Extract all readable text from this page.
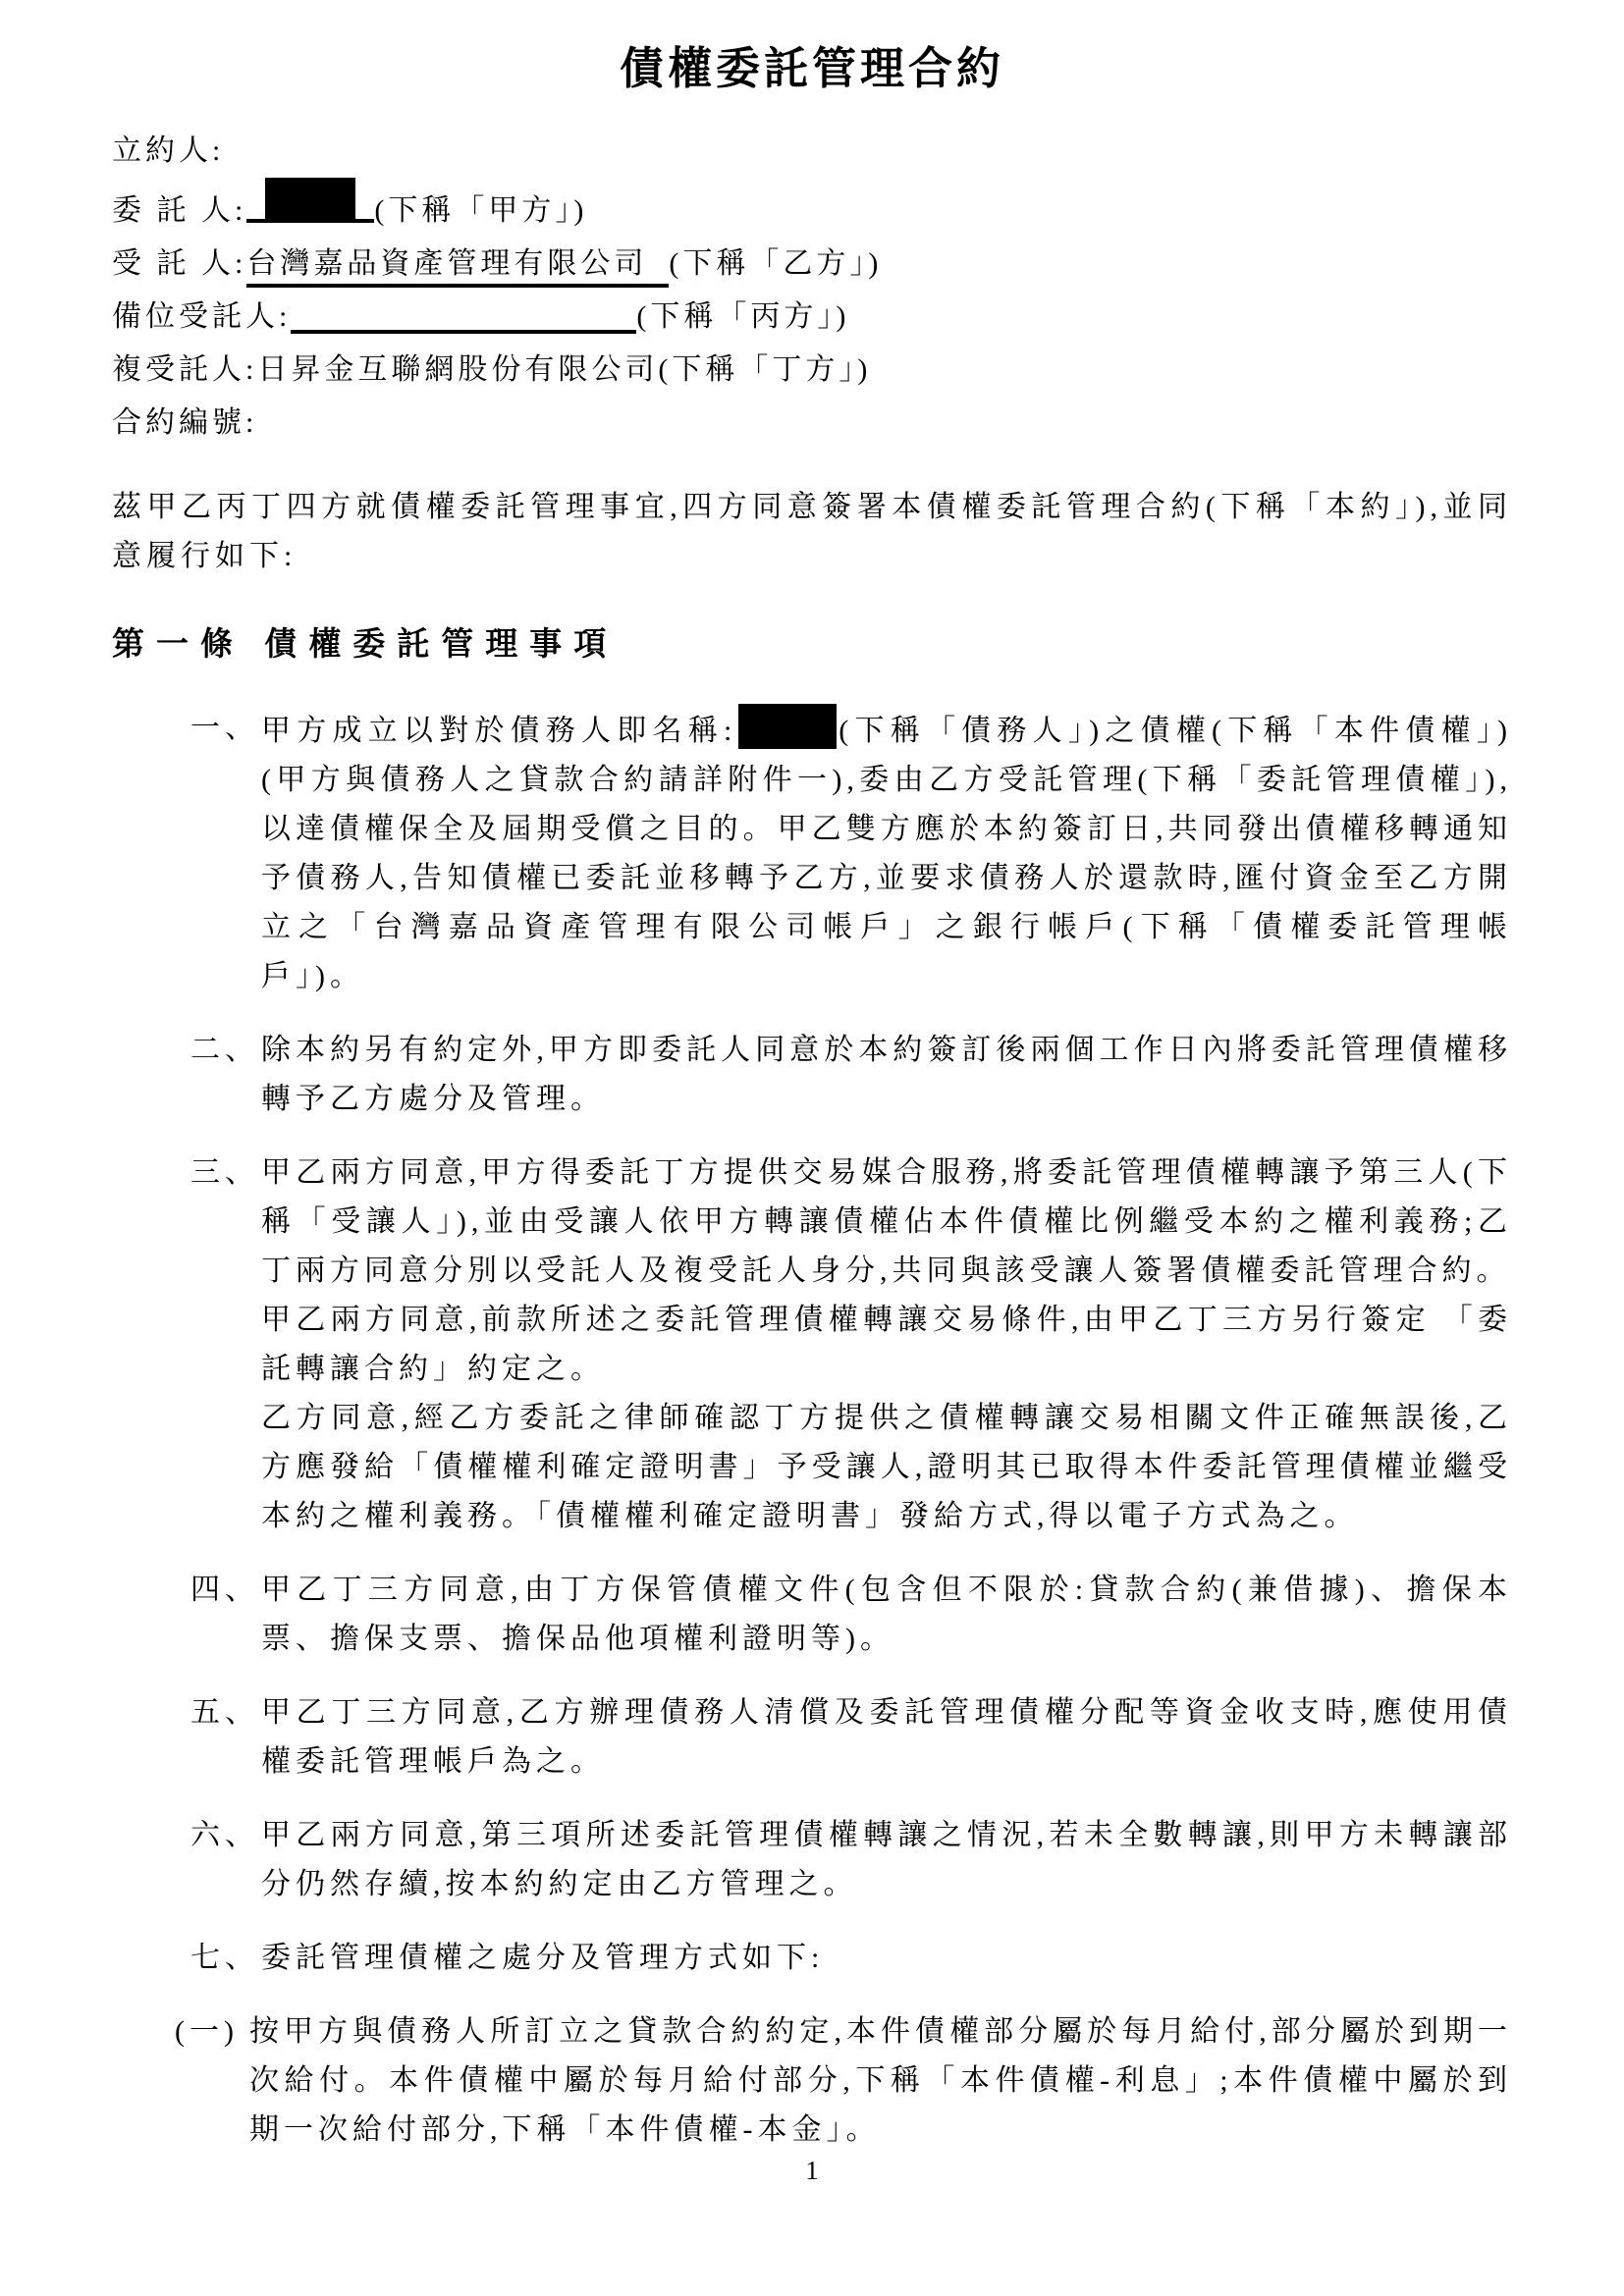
債權委託管理合約
立約人:
委 託 人:	(下稱「甲方」)
受 託 人:台灣嘉品資產管理有限公司 (下稱「乙方」)
備位受託人:	(下稱「丙方」)
複受託人:日昇金互聯網股份有限公司(下稱「丁方」)
合約編號:

茲甲乙丙丁四方就債權委託管理事宜,四方同意簽署本債權委託管理合約(下稱「本約」),並同意履行如下:

第一條 債權委託管理事項
一、 甲方成立以對於債務人即名稱:	(下稱「債務人」)之債權(下稱「本件債權」)(甲方與債務人之貸款合約請詳附件一),委由乙方受託管理(下稱「委託管理債權」),以達債權保全及屆期受償之目的。甲乙雙方應於本約簽訂日,共同發出債權移轉通知予債務人,告知債權已委託並移轉予乙方,並要求債務人於還款時,匯付資金至乙方開立之「台灣嘉品資產管理有限公司帳戶」之銀行帳戶(下稱「債權委託管理帳戶」)。
二、 除本約另有約定外,甲方即委託人同意於本約簽訂後兩個工作日內將委託管理債權移轉予乙方處分及管理。
三、 甲乙兩方同意,甲方得委託丁方提供交易媒合服務,將委託管理債權轉讓予第三人(下稱「受讓人」),並由受讓人依甲方轉讓債權佔本件債權比例繼受本約之權利義務;乙丁兩方同意分別以受託人及複受託人身分,共同與該受讓人簽署債權委託管理合約。

甲乙兩方同意,前款所述之委託管理債權轉讓交易條件,由甲乙丁三方另行簽定 「委託轉讓合約」約定之。

乙方同意,經乙方委託之律師確認丁方提供之債權轉讓交易相關文件正確無誤後,乙方應發給「債權權利確定證明書」予受讓人,證明其已取得本件委託管理債權並繼受本約之權利義務。「債權權利確定證明書」發給方式,得以電子方式為之。

四、 甲乙丁三方同意,由丁方保管債權文件(包含但不限於:貸款合約(兼借據)、擔保本票、擔保支票、擔保品他項權利證明等)。
五、 甲乙丁三方同意,乙方辦理債務人清償及委託管理債權分配等資金收支時,應使用債權委託管理帳戶為之。
六、 甲乙兩方同意,第三項所述委託管理債權轉讓之情況,若未全數轉讓,則甲方未轉讓部分仍然存續,按本約約定由乙方管理之。
七、 委託管理債權之處分及管理方式如下:
(一) 按甲方與債務人所訂立之貸款合約約定,本件債權部分屬於每月給付,部分屬於到期一次給付。本件債權中屬於每月給付部分,下稱「本件債權-利息」;本件債權中屬於到期一次給付部分,下稱「本件債權-本金」。
1
